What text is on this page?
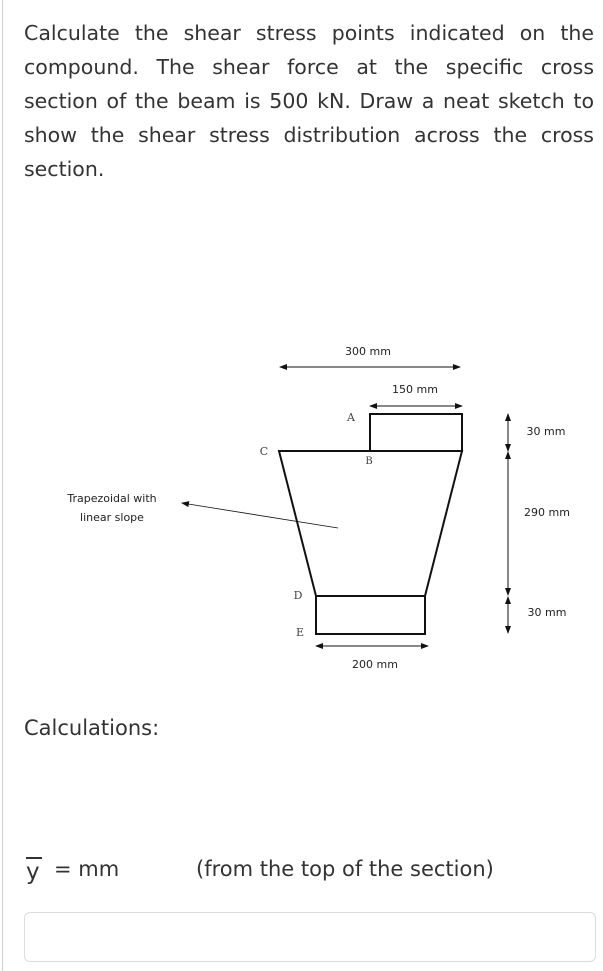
Calculate the shear stress points indicated on the compound. The shear force at the specific cross section of the beam is 500 kN. Draw a neat sketch to show the shear stress distribution across the cross section.

300 mm
150 mm
A
B
C
D
E
Trapezoidal with
linear slope
30 mm
290 mm
30 mm
200 mm

Calculations:

y = mm	(from the top of the section)
